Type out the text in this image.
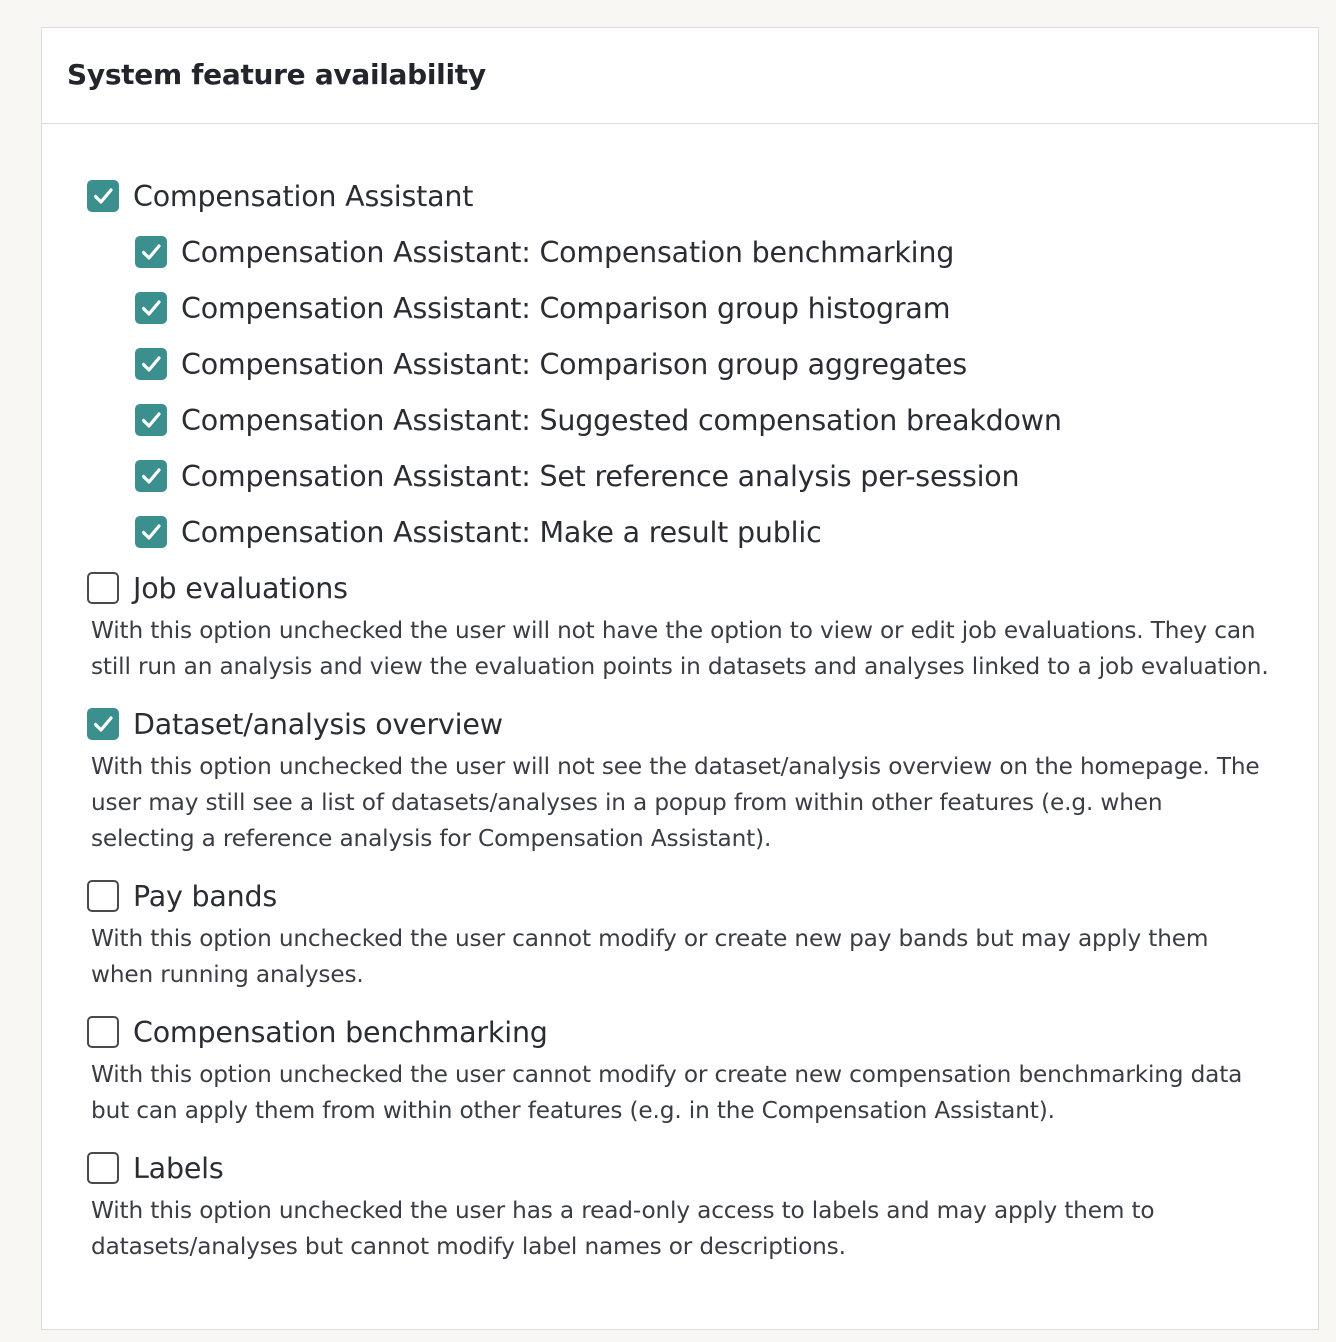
System feature availability
Compensation Assistant
Compensation Assistant: Compensation benchmarking
Compensation Assistant: Comparison group histogram
Compensation Assistant: Comparison group aggregates
Compensation Assistant: Suggested compensation breakdown
Compensation Assistant: Set reference analysis per-session
Compensation Assistant: Make a result public
Job evaluations

With this option unchecked the user will not have the option to view or edit job evaluations. They can still run an analysis and view the evaluation points in datasets and analyses linked to a job evaluation.

Dataset/analysis overview

With this option unchecked the user will not see the dataset/analysis overview on the homepage. The user may still see a list of datasets/analyses in a popup from within other features (e.g. when selecting a reference analysis for Compensation Assistant).

Pay bands

With this option unchecked the user cannot modify or create new pay bands but may apply them when running analyses.

Compensation benchmarking

With this option unchecked the user cannot modify or create new compensation benchmarking data but can apply them from within other features (e.g. in the Compensation Assistant).

Labels

With this option unchecked the user has a read-only access to labels and may apply them to datasets/analyses but cannot modify label names or descriptions.
